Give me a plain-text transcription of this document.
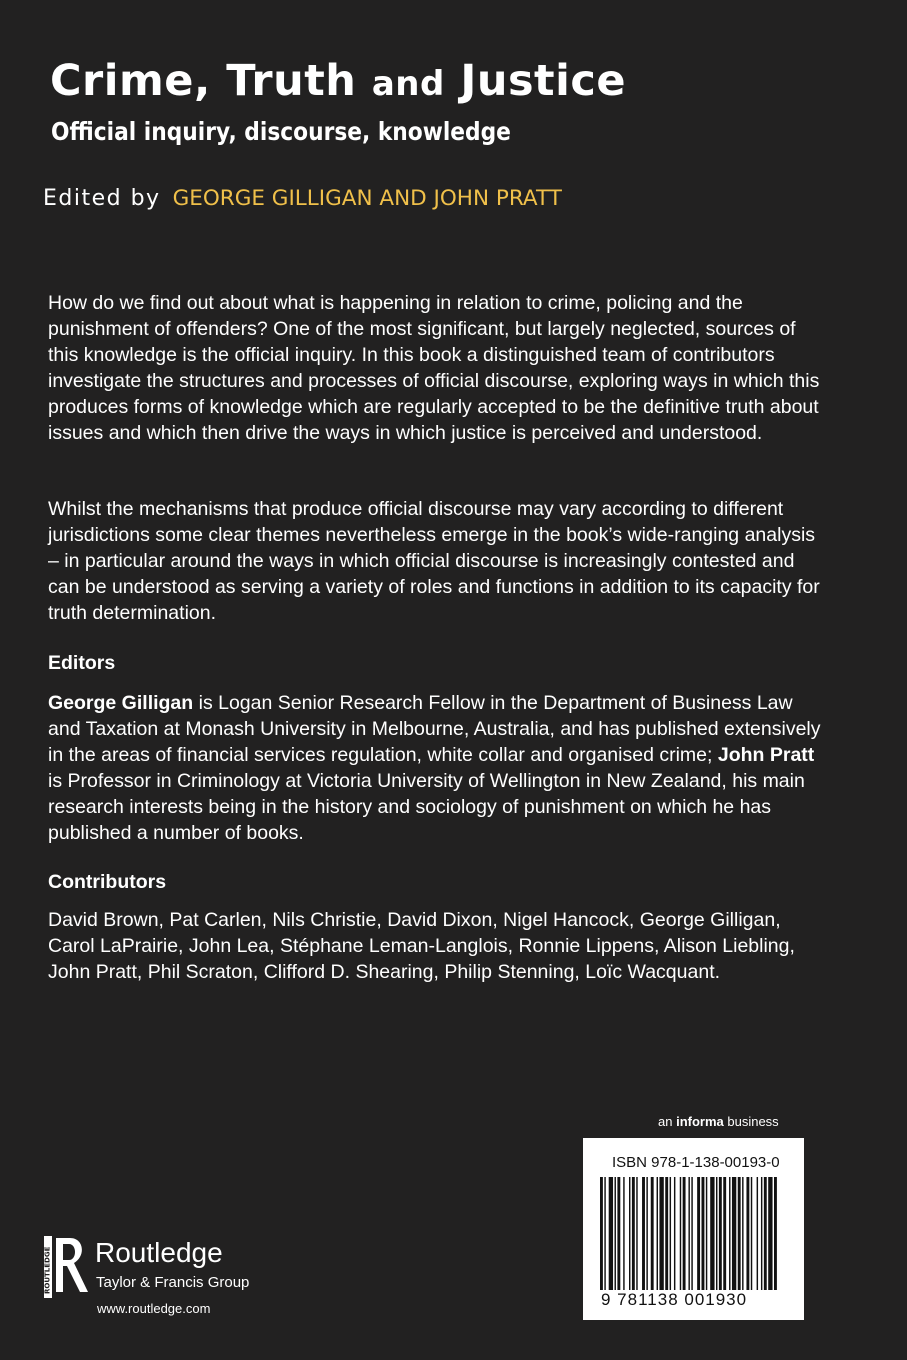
Crime, Truth and Justice
Official inquiry, discourse, knowledge
Edited by GEORGE GILLIGAN AND JOHN PRATT

How do we find out about what is happening in relation to crime, policing and the punishment of offenders? One of the most significant, but largely neglected, sources of this knowledge is the official inquiry. In this book a distinguished team of contributors investigate the structures and processes of official discourse, exploring ways in which this produces forms of knowledge which are regularly accepted to be the definitive truth about issues and which then drive the ways in which justice is perceived and understood.

Whilst the mechanisms that produce official discourse may vary according to different jurisdictions some clear themes nevertheless emerge in the book’s wide-ranging analysis – in particular around the ways in which official discourse is increasingly contested and can be understood as serving a variety of roles and functions in addition to its capacity for truth determination.

Editors

George Gilligan is Logan Senior Research Fellow in the Department of Business Law and Taxation at Monash University in Melbourne, Australia, and has published extensively in the areas of financial services regulation, white collar and organised crime; John Pratt is Professor in Criminology at Victoria University of Wellington in New Zealand, his main research interests being in the history and sociology of punishment on which he has published a number of books.

Contributors

David Brown, Pat Carlen, Nils Christie, David Dixon, Nigel Hancock, George Gilligan, Carol LaPrairie, John Lea, Stéphane Leman-Langlois, Ronnie Lippens, Alison Liebling, John Pratt, Phil Scraton, Clifford D. Shearing, Philip Stenning, Loïc Wacquant.

an informa business
ISBN 978-1-138-00193-0
9 781138 001930
ROUTLEDGE Routledge
Taylor & Francis Group
www.routledge.com
